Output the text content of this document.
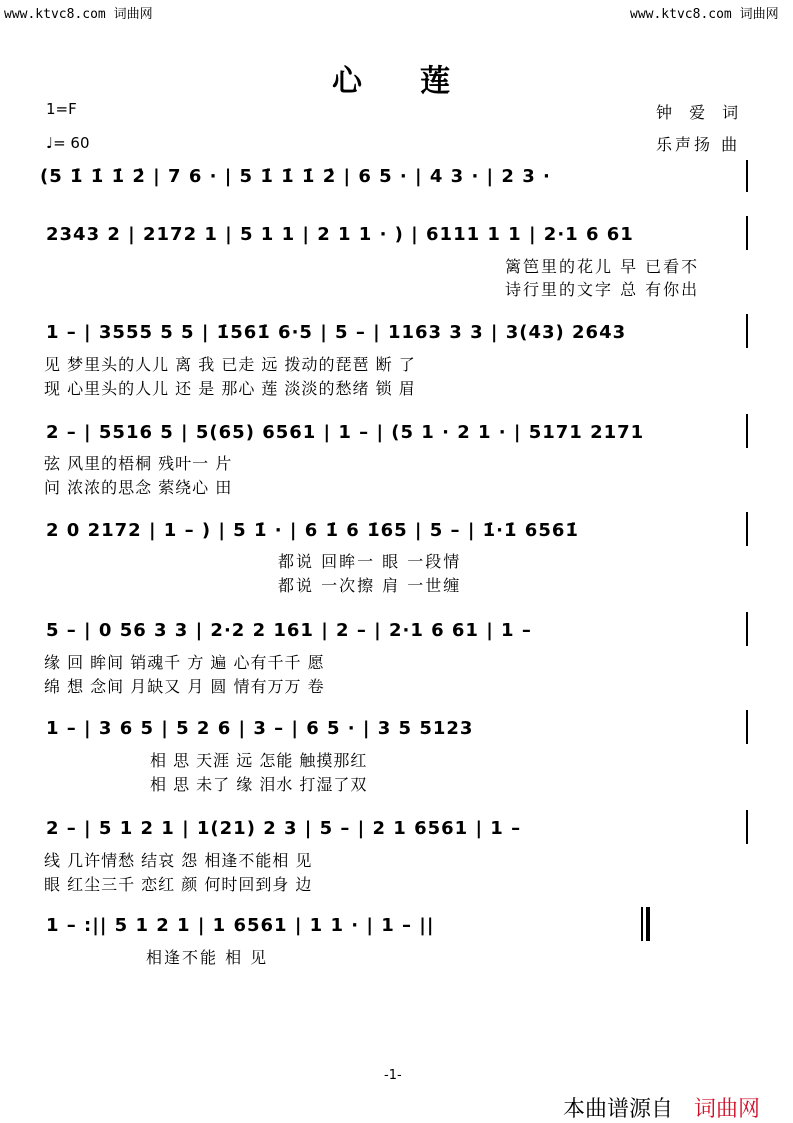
www.ktvc8.com 词曲网	www.ktvc8.com 词曲网
心莲
1=F
♩= 60
钟 爱 词
乐声扬 曲
(5 1̇ 1̇ 1̇ 2̇ | 7 6 · | 5 1̇ 1̇ 1̇ 2̇ | 6 5 · | 4 3 · | 2 3 ·
2343 2 | 2172 1 | 5 1 1 | 2 1 1 · ) | 6111 1 1 | 2·1 6 61
篱笆里的花儿 早 已看不
诗行里的文字 总 有你出
1 – | 3555 5 5 | 1̇561̇ 6·5 | 5 – | 1163 3 3 | 3(43) 2643
见 梦里头的人儿 离 我 已走 远 拨动的琵琶 断 了
现 心里头的人儿 还 是 那心 莲 淡淡的愁绪 锁 眉
2 – | 5516 5 | 5(65) 6561 | 1 – | (5 1 · 2 1 · | 5171 2171
弦 风里的梧桐 残叶一 片
问 浓浓的思念 萦绕心 田
2 0 2172 | 1 – ) | 5 1̇ · | 6 1̇ 6 1̇65 | 5 – | 1̇·1̇ 6561̇
都说 回眸一 眼 一段情
都说 一次擦 肩 一世缠
5 – | 0 56 3 3 | 2·2 2 161 | 2 – | 2·1 6 61 | 1 –
缘 回 眸间 销魂千 方 遍 心有千千 愿
绵 想 念间 月缺又 月 圆 情有万万 卷
1 – | 3 6 5 | 5 2 6 | 3 – | 6 5 · | 3 5 5123
相 思 天涯 远 怎能 触摸那红
相 思 未了 缘 泪水 打湿了双
2 – | 5 1 2 1 | 1(21) 2 3 | 5 – | 2 1 6561 | 1 –
线 几许情愁 结哀 怨 相逢不能相 见
眼 红尘三千 恋红 颜 何时回到身 边
1 – :|| 5 1 2 1 | 1 6561 | 1 1 · | 1 – ||
相逢不能 相 见
-1-
本曲谱源自 词曲网
